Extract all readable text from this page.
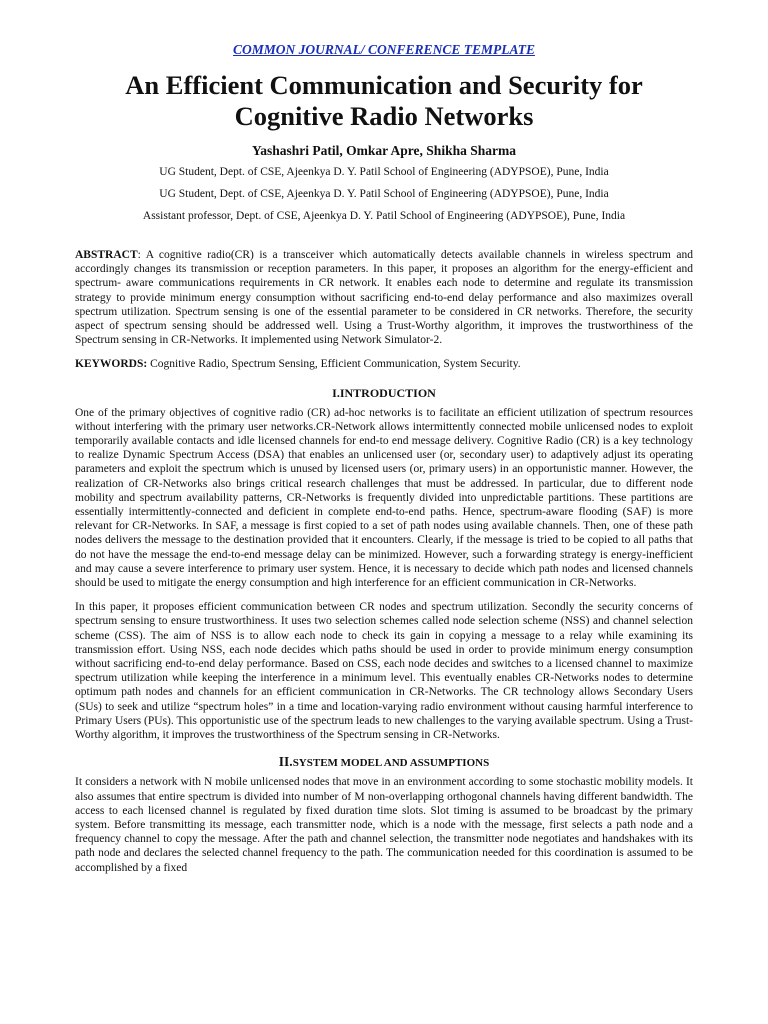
COMMON JOURNAL/ CONFERENCE TEMPLATE
An Efficient Communication and Security for Cognitive Radio Networks
Yashashri Patil, Omkar Apre, Shikha Sharma
UG Student, Dept. of CSE, Ajeenkya D. Y. Patil School of Engineering (ADYPSOE), Pune, India
UG Student, Dept. of CSE, Ajeenkya D. Y. Patil School of Engineering (ADYPSOE), Pune, India
Assistant professor, Dept. of CSE, Ajeenkya D. Y. Patil School of Engineering (ADYPSOE), Pune, India

ABSTRACT: A cognitive radio(CR) is a transceiver which automatically detects available channels in wireless spectrum and accordingly changes its transmission or reception parameters. In this paper, it proposes an algorithm for the energy-efficient and spectrum- aware communications requirements in CR network. It enables each node to determine and regulate its transmission strategy to provide minimum energy consumption without sacrificing end-to-end delay performance and also maximizes overall spectrum utilization. Spectrum sensing is one of the essential parameter to be considered in CR networks. Therefore, the security aspect of spectrum sensing should be addressed well. Using a Trust-Worthy algorithm, it improves the trustworthiness of the Spectrum sensing in CR-Networks. It implemented using Network Simulator-2.

KEYWORDS: Cognitive Radio, Spectrum Sensing, Efficient Communication, System Security.

I.INTRODUCTION

One of the primary objectives of cognitive radio (CR) ad-hoc networks is to facilitate an efficient utilization of spectrum resources without interfering with the primary user networks.CR-Network allows intermittently connected mobile unlicensed nodes to exploit temporarily available contacts and idle licensed channels for end-to end message delivery. Cognitive Radio (CR) is a key technology to realize Dynamic Spectrum Access (DSA) that enables an unlicensed user (or, secondary user) to adaptively adjust its operating parameters and exploit the spectrum which is unused by licensed users (or, primary users) in an opportunistic manner. However, the realization of CR-Networks also brings critical research challenges that must be addressed. In particular, due to different node mobility and spectrum availability patterns, CR-Networks is frequently divided into unpredictable partitions. These partitions are essentially intermittently-connected and deficient in complete end-to-end paths. Hence, spectrum-aware flooding (SAF) is more relevant for CR-Networks. In SAF, a message is first copied to a set of path nodes using available channels. Then, one of these path nodes delivers the message to the destination provided that it encounters. Clearly, if the message is tried to be copied to all paths that do not have the message the end-to-end message delay can be minimized. However, such a forwarding strategy is energy-inefficient and may cause a severe interference to primary user system. Hence, it is necessary to decide which path nodes and licensed channels should be used to mitigate the energy consumption and high interference for an efficient communication in CR-Networks.

In this paper, it proposes efficient communication between CR nodes and spectrum utilization. Secondly the security concerns of spectrum sensing to ensure trustworthiness. It uses two selection schemes called node selection scheme (NSS) and channel selection scheme (CSS). The aim of NSS is to allow each node to check its gain in copying a message to a relay while examining its transmission effort. Using NSS, each node decides which paths should be used in order to provide minimum energy consumption without sacrificing end-to-end delay performance. Based on CSS, each node decides and switches to a licensed channel to maximize spectrum utilization while keeping the interference in a minimum level. This eventually enables CR-Networks nodes to determine optimum path nodes and channels for an efficient communication in CR-Networks. The CR technology allows Secondary Users (SUs) to seek and utilize “spectrum holes” in a time and location-varying radio environment without causing harmful interference to Primary Users (PUs). This opportunistic use of the spectrum leads to new challenges to the varying available spectrum. Using a Trust-Worthy algorithm, it improves the trustworthiness of the Spectrum sensing in CR-Networks.

II.SYSTEM MODEL AND ASSUMPTIONS

It considers a network with N mobile unlicensed nodes that move in an environment according to some stochastic mobility models. It also assumes that entire spectrum is divided into number of M non-overlapping orthogonal channels having different bandwidth. The access to each licensed channel is regulated by fixed duration time slots. Slot timing is assumed to be broadcast by the primary system. Before transmitting its message, each transmitter node, which is a node with the message, first selects a path node and a frequency channel to copy the message. After the path and channel selection, the transmitter node negotiates and handshakes with its path node and declares the selected channel frequency to the path. The communication needed for this coordination is assumed to be accomplished by a fixed
